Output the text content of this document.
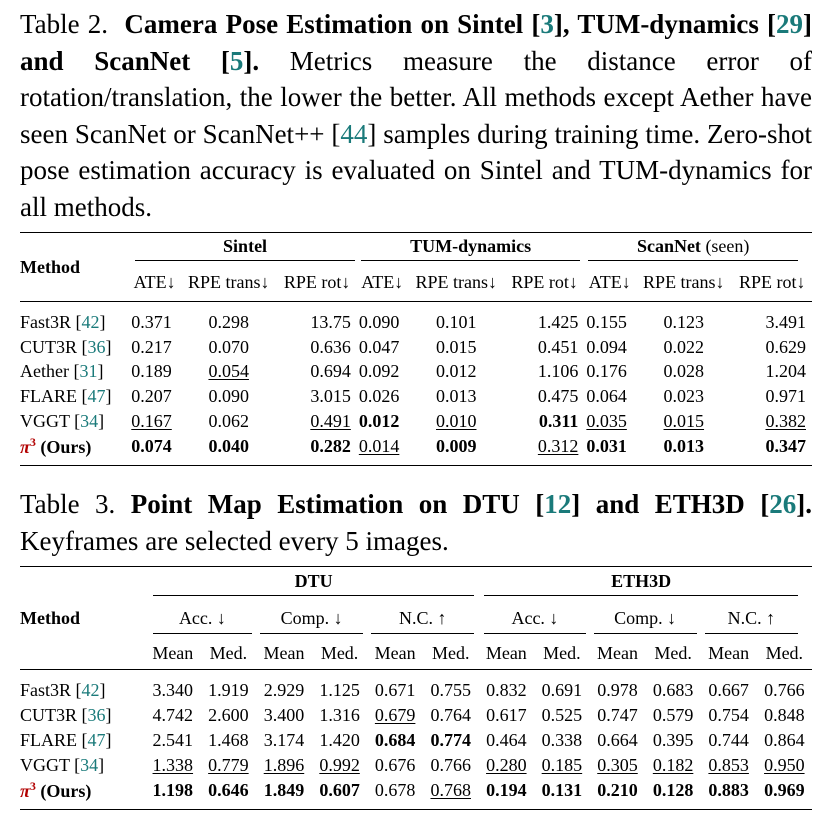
Table 2. Camera Pose Estimation on Sintel [3], TUM-dynamics [29] and ScanNet [5]. Metrics measure the distance error of rotation/translation, the lower the better. All methods except Aether have seen ScanNet or ScanNet++ [44] samples during training time. Zero-shot pose estimation accuracy is evaluated on Sintel and TUM-dynamics for all methods.

Method	Sintel			TUM-dynamics			ScanNet (seen)		

	ATE↓	RPE trans↓	RPE rot↓	ATE↓	RPE trans↓	RPE rot↓	ATE↓	RPE trans↓	RPE rot↓
Fast3R [42]	0.371	0.298	13.75	0.090	0.101	1.425	0.155	0.123	3.491
CUT3R [36]	0.217	0.070	0.636	0.047	0.015	0.451	0.094	0.022	0.629
Aether [31]	0.189	0.054	0.694	0.092	0.012	1.106	0.176	0.028	1.204
FLARE [47]	0.207	0.090	3.015	0.026	0.013	0.475	0.064	0.023	0.971
VGGT [34]	0.167	0.062	0.491	0.012	0.010	0.311	0.035	0.015	0.382
$\pi^3$ (Ours)	0.074	0.040	0.282	0.014	0.009	0.312	0.031	0.013	0.347

Table 3. Point Map Estimation on DTU [12] and ETH3D [26]. Keyframes are selected every 5 images.

Method	DTU						ETH3D					

	Acc. ↓		Comp. ↓		N.C. ↑		Acc. ↓		Comp. ↓		N.C. ↑	

	Mean	Med.	Mean	Med.	Mean	Med.	Mean	Med.	Mean	Med.	Mean	Med.
Fast3R [42]	3.340	1.919	2.929	1.125	0.671	0.755	0.832	0.691	0.978	0.683	0.667	0.766
CUT3R [36]	4.742	2.600	3.400	1.316	0.679	0.764	0.617	0.525	0.747	0.579	0.754	0.848
FLARE [47]	2.541	1.468	3.174	1.420	0.684	0.774	0.464	0.338	0.664	0.395	0.744	0.864
VGGT [34]	1.338	0.779	1.896	0.992	0.676	0.766	0.280	0.185	0.305	0.182	0.853	0.950
$\pi^3$ (Ours)	1.198	0.646	1.849	0.607	0.678	0.768	0.194	0.131	0.210	0.128	0.883	0.969
